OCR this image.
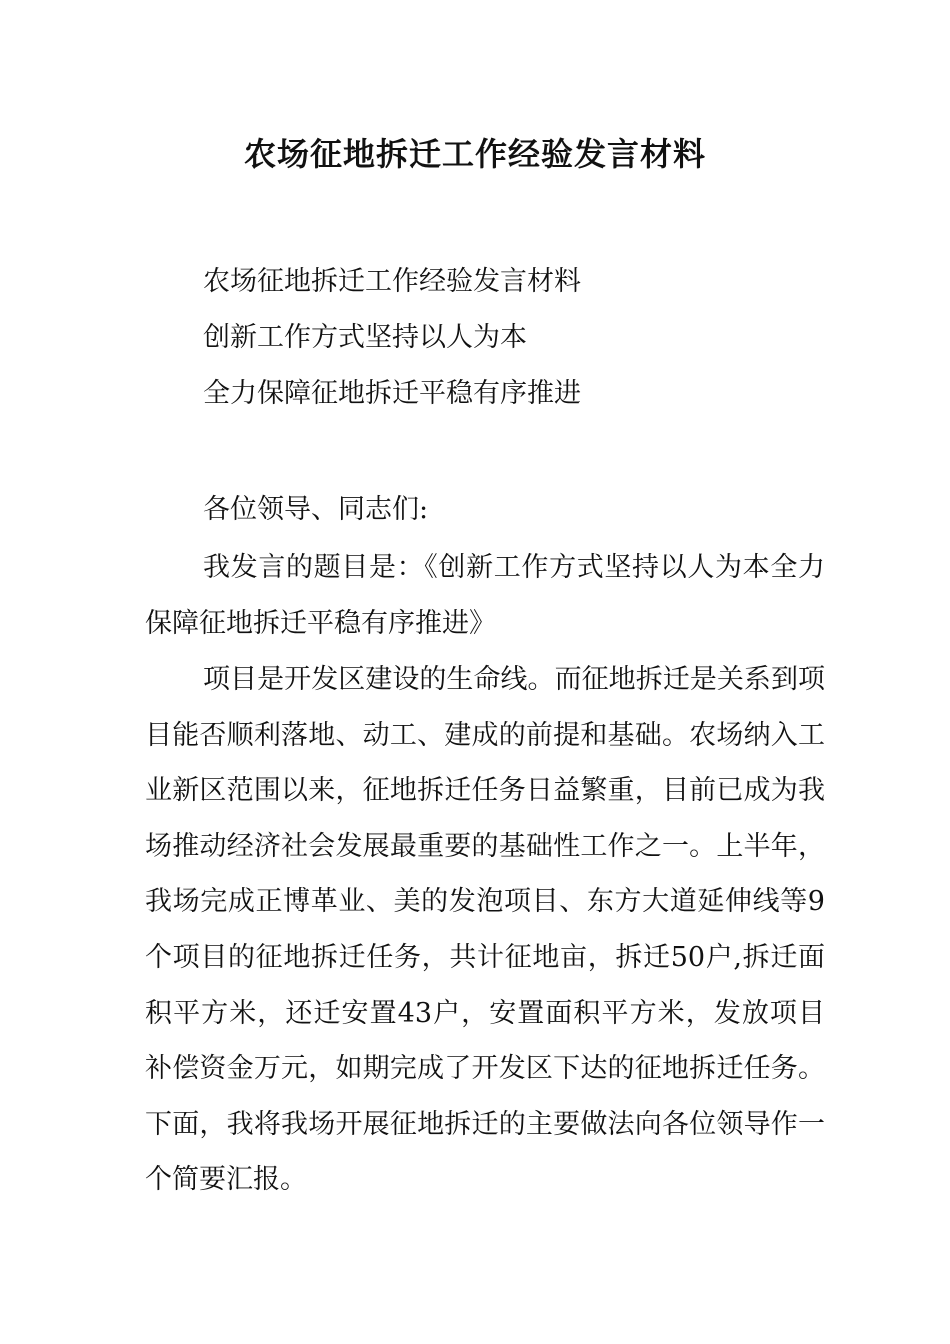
农场征地拆迁工作经验发言材料

农场征地拆迁工作经验发言材料

创新工作方式坚持以人为本

全力保障征地拆迁平稳有序推进

各位领导、同志们:

我发言的题目是：《创新工作方式坚持以人为本全力保障征地拆迁平稳有序推进》

项目是开发区建设的生命线。而征地拆迁是关系到项目能否顺利落地、动工、建成的前提和基础。农场纳入工业新区范围以来，征地拆迁任务日益繁重，目前已成为我场推动经济社会发展最重要的基础性工作之一。上半年，我场完成正博革业、美的发泡项目、东方大道延伸线等9个项目的征地拆迁任务，共计征地亩，拆迁50户,拆迁面积平方米，还迁安置43户，安置面积平方米，发放项目补偿资金万元，如期完成了开发区下达的征地拆迁任务。下面，我将我场开展征地拆迁的主要做法向各位领导作一个简要汇报。
